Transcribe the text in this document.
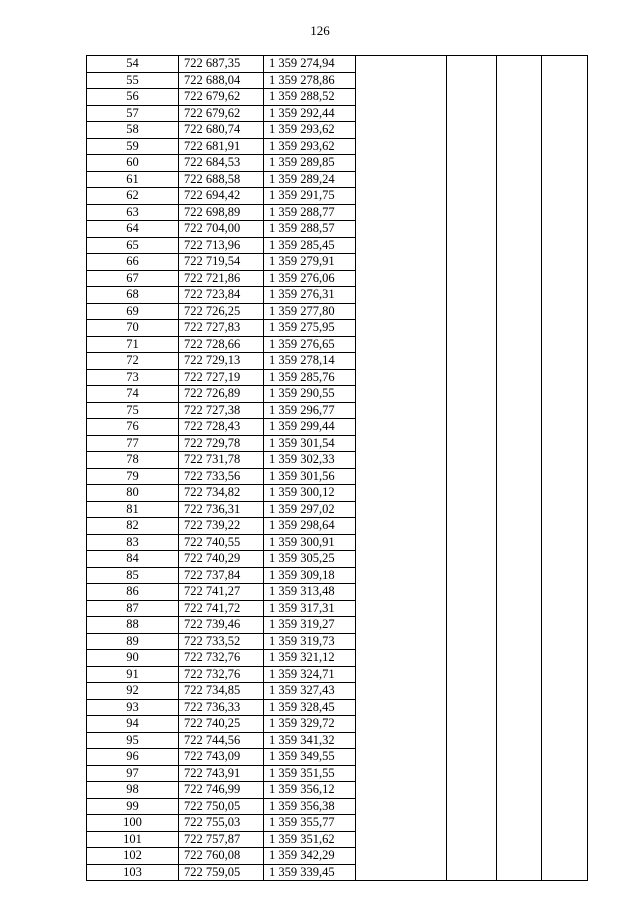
126
54	722 687,35	1 359 274,94				
55	722 688,04	1 359 278,86				
56	722 679,62	1 359 288,52				
57	722 679,62	1 359 292,44				
58	722 680,74	1 359 293,62				
59	722 681,91	1 359 293,62				
60	722 684,53	1 359 289,85				
61	722 688,58	1 359 289,24				
62	722 694,42	1 359 291,75				
63	722 698,89	1 359 288,77				
64	722 704,00	1 359 288,57				
65	722 713,96	1 359 285,45				
66	722 719,54	1 359 279,91				
67	722 721,86	1 359 276,06				
68	722 723,84	1 359 276,31				
69	722 726,25	1 359 277,80				
70	722 727,83	1 359 275,95				
71	722 728,66	1 359 276,65				
72	722 729,13	1 359 278,14				
73	722 727,19	1 359 285,76				
74	722 726,89	1 359 290,55				
75	722 727,38	1 359 296,77				
76	722 728,43	1 359 299,44				
77	722 729,78	1 359 301,54				
78	722 731,78	1 359 302,33				
79	722 733,56	1 359 301,56				
80	722 734,82	1 359 300,12				
81	722 736,31	1 359 297,02				
82	722 739,22	1 359 298,64				
83	722 740,55	1 359 300,91				
84	722 740,29	1 359 305,25				
85	722 737,84	1 359 309,18				
86	722 741,27	1 359 313,48				
87	722 741,72	1 359 317,31				
88	722 739,46	1 359 319,27				
89	722 733,52	1 359 319,73				
90	722 732,76	1 359 321,12				
91	722 732,76	1 359 324,71				
92	722 734,85	1 359 327,43				
93	722 736,33	1 359 328,45				
94	722 740,25	1 359 329,72				
95	722 744,56	1 359 341,32				
96	722 743,09	1 359 349,55				
97	722 743,91	1 359 351,55				
98	722 746,99	1 359 356,12				
99	722 750,05	1 359 356,38				
100	722 755,03	1 359 355,77				
101	722 757,87	1 359 351,62				
102	722 760,08	1 359 342,29				
103	722 759,05	1 359 339,45				
